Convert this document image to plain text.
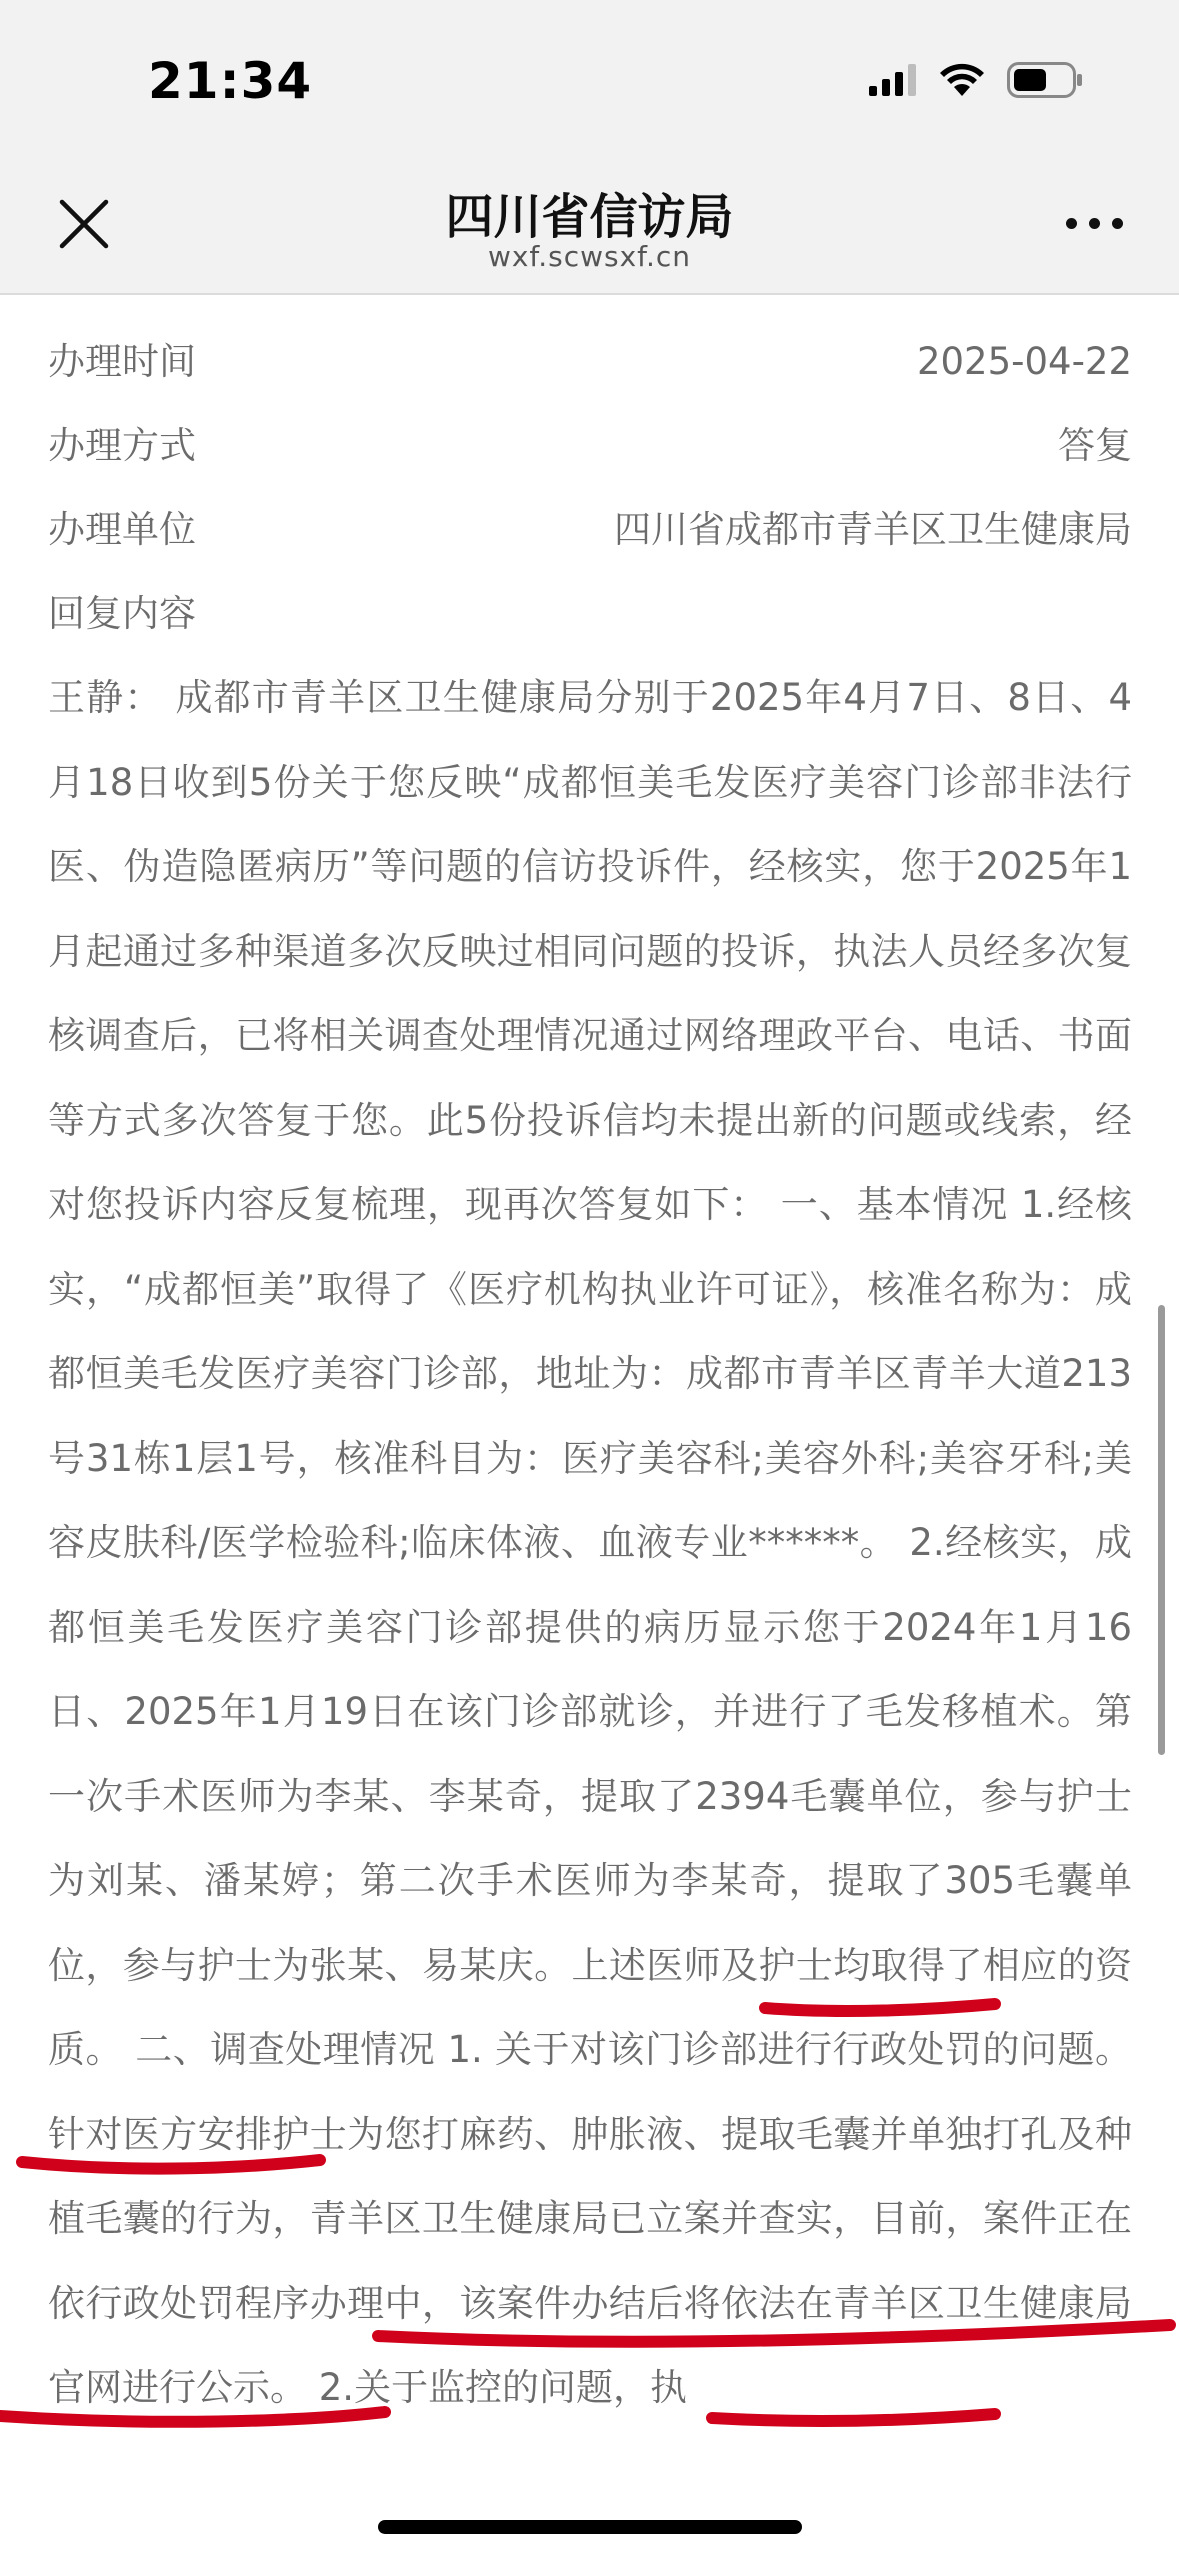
21:34
四川省信访局
wxf.scwsxf.cn
办理时间	2025-04-22
办理方式	答复
办理单位	四川省成都市青羊区卫生健康局
回复内容

王静： 成都市青羊区卫生健康局分别于2025年4月7日、8日、4月18日收到5份关于您反映“成都恒美毛发医疗美容门诊部非法行医、伪造隐匿病历”等问题的信访投诉件，经核实，您于2025年1月起通过多种渠道多次反映过相同问题的投诉，执法人员经多次复核调查后，已将相关调查处理情况通过网络理政平台、电话、书面等方式多次答复于您。此5份投诉信均未提出新的问题或线索，经对您投诉内容反复梳理，现再次答复如下： 一、基本情况 1.经核实，“成都恒美”取得了《医疗机构执业许可证》，核准名称为：成都恒美毛发医疗美容门诊部，地址为：成都市青羊区青羊大道213号31栋1层1号，核准科目为：医疗美容科;美容外科;美容牙科;美容皮肤科/医学检验科;临床体液、血液专业******。 2.经核实，成都恒美毛发医疗美容门诊部提供的病历显示您于2024年1月16日、2025年1月19日在该门诊部就诊，并进行了毛发移植术。第一次手术医师为李某、李某奇，提取了2394毛囊单位，参与护士为刘某、潘某婷；第二次手术医师为李某奇，提取了305毛囊单位，参与护士为张某、易某庆。上述医师及护士均取得了相应的资质。 二、调查处理情况 1. 关于对该门诊部进行行政处罚的问题。针对医方安排护士为您打麻药、肿胀液、提取毛囊并单独打孔及种植毛囊的行为，青羊区卫生健康局已立案并查实，目前，案件正在依行政处罚程序办理中，该案件办结后将依法在青羊区卫生健康局官网进行公示。 2.关于监控的问题，执
